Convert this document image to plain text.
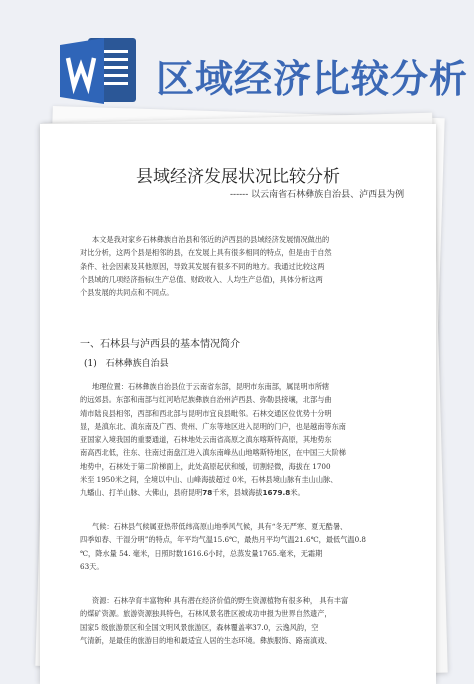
区域经济比较分析
县域经济发展状况比较分析
------ 以云南省石林彝族自治县、泸西县为例
本文是我对家乡石林彝族自治县和邻近的泸西县的县域经济发展情况做出的
对比分析，这两个县是相邻的县，在发展上具有很多相同的特点，但是由于自然
条件、社会因素及其他原因，导致其发展有很多不同的地方。我通过比较这两
个县域的几项经济指标(生产总值、财政收入、人均生产总值)，具体分析这两
个县发展的共同点和不同点。
一、石林县与泸西县的基本情况简介
(1) 石林彝族自治县
地理位置：石林彝族自治县位于云南省东部，昆明市东南部，属昆明市所辖
的远郊县。东部和南部与红河哈尼族彝族自治州泸西县、弥勒县接壤，北部与曲
靖市陆良县相邻，西部和西北部与昆明市宜良县毗邻。石林交通区位优势十分明
显，是滇东北、滇东南及广西、贵州、广东等地区进入昆明的门户，也是越南等东南
亚国家入境我国的重要通道，石林地处云南省高原之滇东喀斯特高原，其地势东
南高西北低，往东、往南过南盘江进入滇东南峰丛山地喀斯特地区，在中国三大阶梯
地势中，石林处于第二阶梯面上，此处高原起伏和缓，切割轻微，海拔在 1700
米至 1950米之间，全境以中山、山峰海拔超过 0米，石林县境山脉有圭山山脉、
九蟠山、打羊山脉、大佛山，县府昆明78千米，县城海拔1679.8米。
气候：石林县气候属亚热带低纬高原山地季风气候，具有“冬无严寒、夏无酷暑、
四季如春、干湿分明”的特点，年平均气温15.6℃，最热月平均气温21.6℃，最低气温0.8
℃，降水量 54. 毫米，日照时数1616.6小时，总蒸发量1765.毫米，无霜期
63天。
资源：石林孕育丰富物种 具有潜在经济价值的野生资源植物有很多种， 具有丰富
的煤矿资源。旅游资源独具特色，石林风景名胜区被成功申报为世界自然遗产，
国家5 级旅游景区和全国文明风景旅游区，森林覆盖率37.0，云逸风韵，空
气清新，是最佳的旅游目的地和最适宜人居的生态环境。彝族服饰、路南滇戏、
